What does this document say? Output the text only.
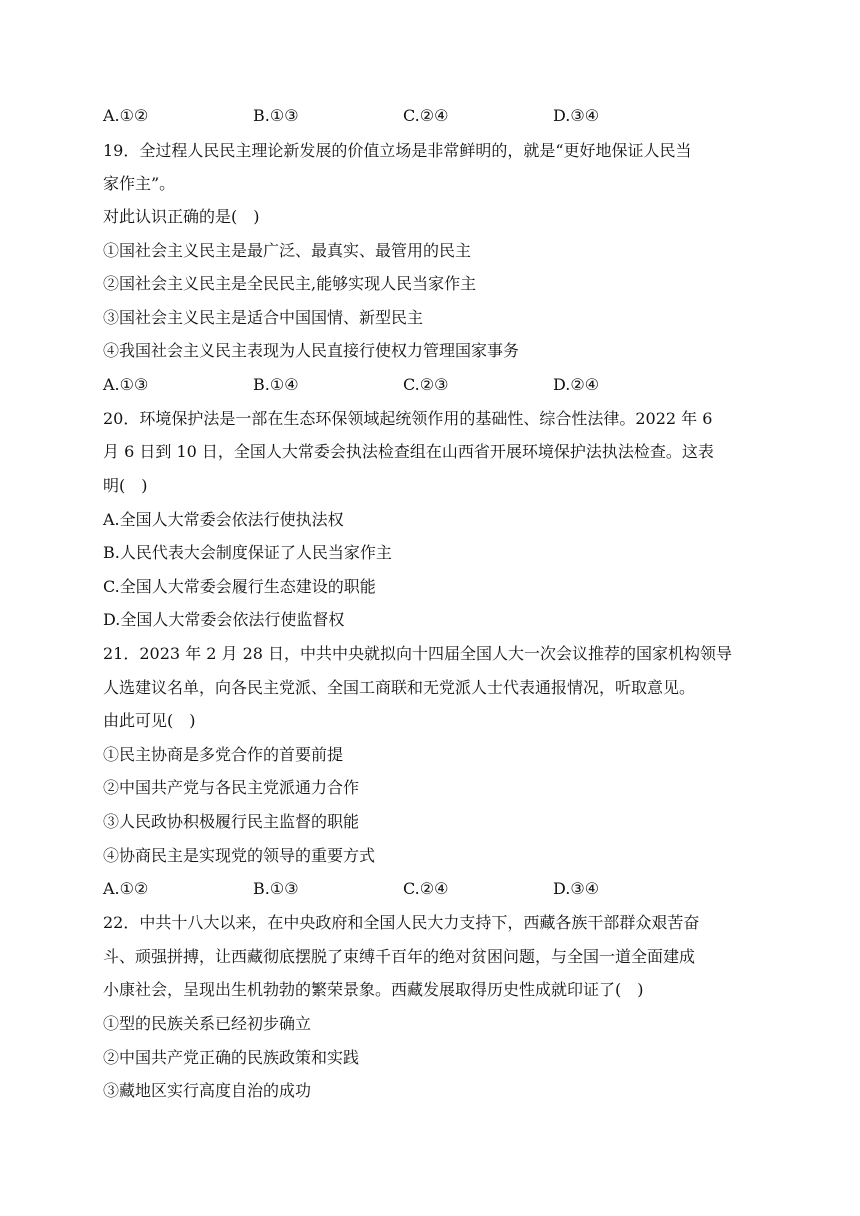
A.①②	B.①③	C.②④	D.③④
19．全过程人民民主理论新发展的价值立场是非常鲜明的，就是“更好地保证人民当
家作主”。
对此认识正确的是(　)
①国社会主义民主是最广泛、最真实、最管用的民主
②国社会主义民主是全民民主,能够实现人民当家作主
③国社会主义民主是适合中国国情、新型民主
④我国社会主义民主表现为人民直接行使权力管理国家事务
A.①③	B.①④	C.②③	D.②④
20．环境保护法是一部在生态环保领域起统领作用的基础性、综合性法律。2022 年 6
月 6 日到 10 日，全国人大常委会执法检查组在山西省开展环境保护法执法检查。这表
明(　)
A.全国人大常委会依法行使执法权
B.人民代表大会制度保证了人民当家作主
C.全国人大常委会履行生态建设的职能
D.全国人大常委会依法行使监督权
21．2023 年 2 月 28 日，中共中央就拟向十四届全国人大一次会议推荐的国家机构领导
人选建议名单，向各民主党派、全国工商联和无党派人士代表通报情况，听取意见。
由此可见(　)
①民主协商是多党合作的首要前提
②中国共产党与各民主党派通力合作
③人民政协积极履行民主监督的职能
④协商民主是实现党的领导的重要方式
A.①②	B.①③	C.②④	D.③④
22．中共十八大以来，在中央政府和全国人民大力支持下，西藏各族干部群众艰苦奋
斗、顽强拼搏，让西藏彻底摆脱了束缚千百年的绝对贫困问题，与全国一道全面建成
小康社会，呈现出生机勃勃的繁荣景象。西藏发展取得历史性成就印证了(　)
①型的民族关系已经初步确立
②中国共产党正确的民族政策和实践
③藏地区实行高度自治的成功
